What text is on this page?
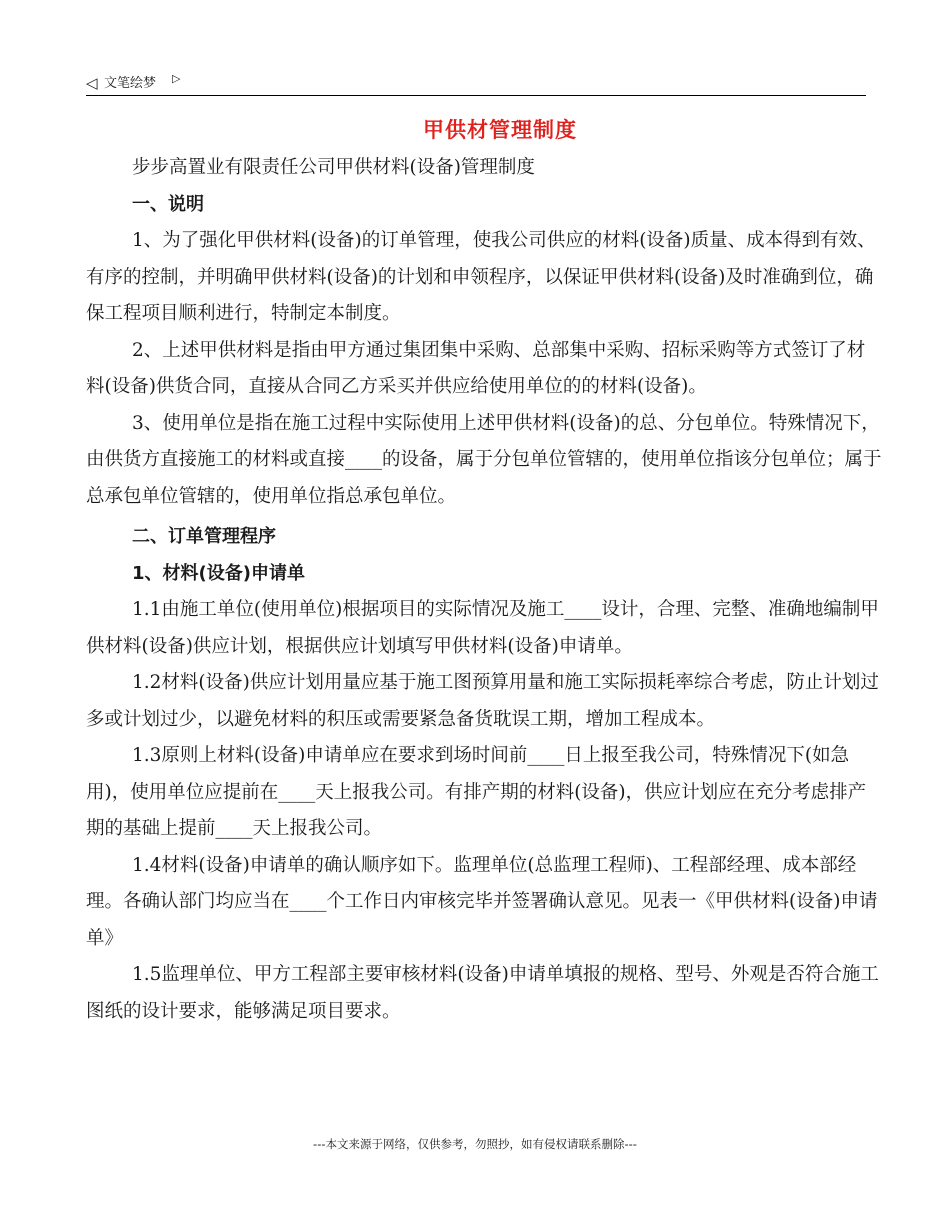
◁ 文笔绘梦 ▷
甲供材管理制度

步步高置业有限责任公司甲供材料(设备)管理制度

一、说明

1、为了强化甲供材料(设备)的订单管理，使我公司供应的材料(设备)质量、成本得到有效、有序的控制，并明确甲供材料(设备)的计划和申领程序，以保证甲供材料(设备)及时准确到位，确保工程项目顺利进行，特制定本制度。

2、上述甲供材料是指由甲方通过集团集中采购、总部集中采购、招标采购等方式签订了材料(设备)供货合同，直接从合同乙方采买并供应给使用单位的的材料(设备)。

3、使用单位是指在施工过程中实际使用上述甲供材料(设备)的总、分包单位。特殊情况下，由供货方直接施工的材料或直接____的设备，属于分包单位管辖的，使用单位指该分包单位；属于总承包单位管辖的，使用单位指总承包单位。

二、订单管理程序

1、材料(设备)申请单

1.1由施工单位(使用单位)根据项目的实际情况及施工____设计，合理、完整、准确地编制甲供材料(设备)供应计划，根据供应计划填写甲供材料(设备)申请单。

1.2材料(设备)供应计划用量应基于施工图预算用量和施工实际损耗率综合考虑，防止计划过多或计划过少，以避免材料的积压或需要紧急备货耽误工期，增加工程成本。

1.3原则上材料(设备)申请单应在要求到场时间前____日上报至我公司，特殊情况下(如急用)，使用单位应提前在____天上报我公司。有排产期的材料(设备)，供应计划应在充分考虑排产期的基础上提前____天上报我公司。

1.4材料(设备)申请单的确认顺序如下。监理单位(总监理工程师)、工程部经理、成本部经理。各确认部门均应当在____个工作日内审核完毕并签署确认意见。见表一《甲供材料(设备)申请单》

1.5监理单位、甲方工程部主要审核材料(设备)申请单填报的规格、型号、外观是否符合施工图纸的设计要求，能够满足项目要求。

---本文来源于网络，仅供参考，勿照抄，如有侵权请联系删除---
